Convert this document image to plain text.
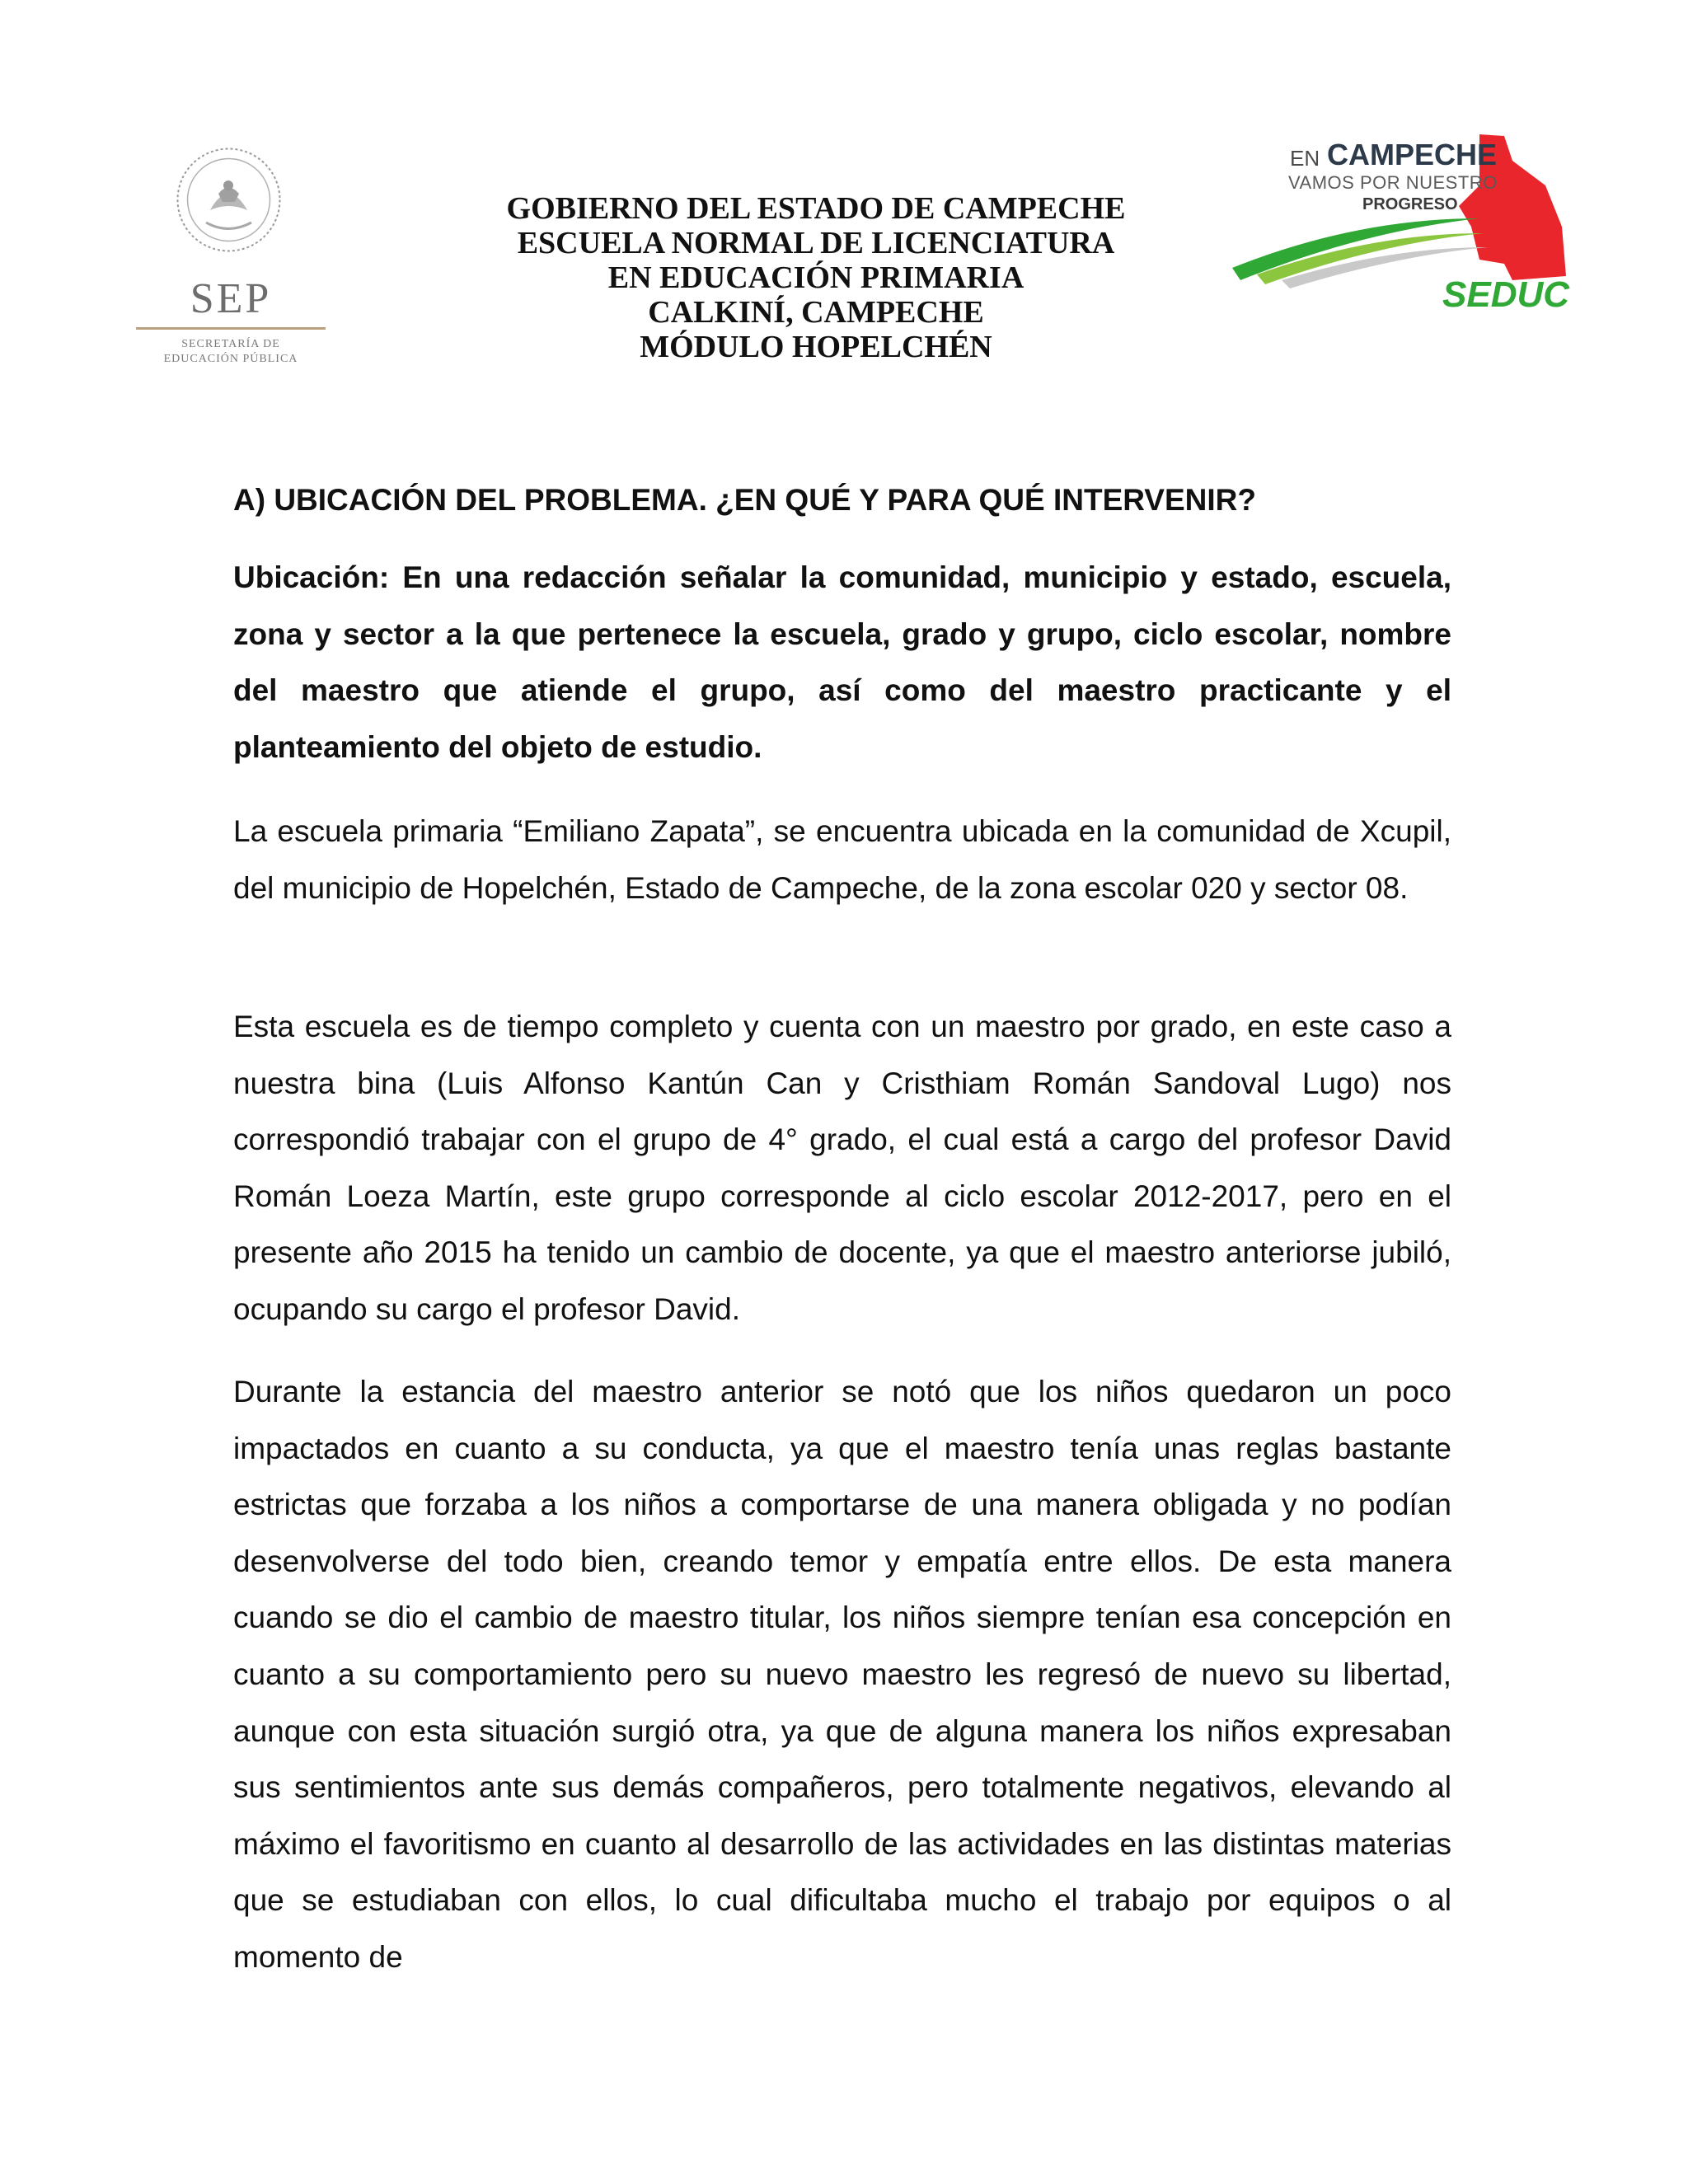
SEP
SECRETARÍA DE
EDUCACIÓN PÚBLICA
GOBIERNO DEL ESTADO DE CAMPECHE
ESCUELA NORMAL DE LICENCIATURA
EN EDUCACIÓN PRIMARIA
CALKINÍ, CAMPECHE
MÓDULO HOPELCHÉN
EN CAMPECHE
VAMOS POR NUESTRO
PROGRESO
SEDUC
A) UBICACIÓN DEL PROBLEMA. ¿EN QUÉ Y PARA QUÉ INTERVENIR?

Ubicación: En una redacción señalar la comunidad, municipio y estado, escuela, zona y sector a la que pertenece la escuela, grado y grupo, ciclo escolar, nombre del maestro que atiende el grupo, así como del maestro practicante y el planteamiento del objeto de estudio.

La escuela primaria “Emiliano Zapata”, se encuentra ubicada en la comunidad de Xcupil, del municipio de Hopelchén, Estado de Campeche, de la zona escolar 020 y sector 08.

Esta escuela es de tiempo completo y cuenta con un maestro por grado, en este caso a nuestra bina (Luis Alfonso Kantún Can y Cristhiam Román Sandoval Lugo) nos correspondió trabajar con el grupo de 4° grado, el cual está a cargo del profesor David Román Loeza Martín, este grupo corresponde al ciclo escolar 2012-2017, pero en el presente año 2015 ha tenido un cambio de docente, ya que el maestro anteriorse jubiló, ocupando su cargo el profesor David.

Durante la estancia del maestro anterior se notó que los niños quedaron un poco impactados en cuanto a su conducta, ya que el maestro tenía unas reglas bastante estrictas que forzaba a los niños a comportarse de una manera obligada y no podían desenvolverse del todo bien, creando temor y empatía entre ellos. De esta manera cuando se dio el cambio de maestro titular, los niños siempre tenían esa concepción en cuanto a su comportamiento pero su nuevo maestro les regresó de nuevo su libertad, aunque con esta situación surgió otra, ya que de alguna manera los niños expresaban sus sentimientos ante sus demás compañeros, pero totalmente negativos, elevando al máximo el favoritismo en cuanto al desarrollo de las actividades en las distintas materias que se estudiaban con ellos, lo cual dificultaba mucho el trabajo por equipos o al momento de
